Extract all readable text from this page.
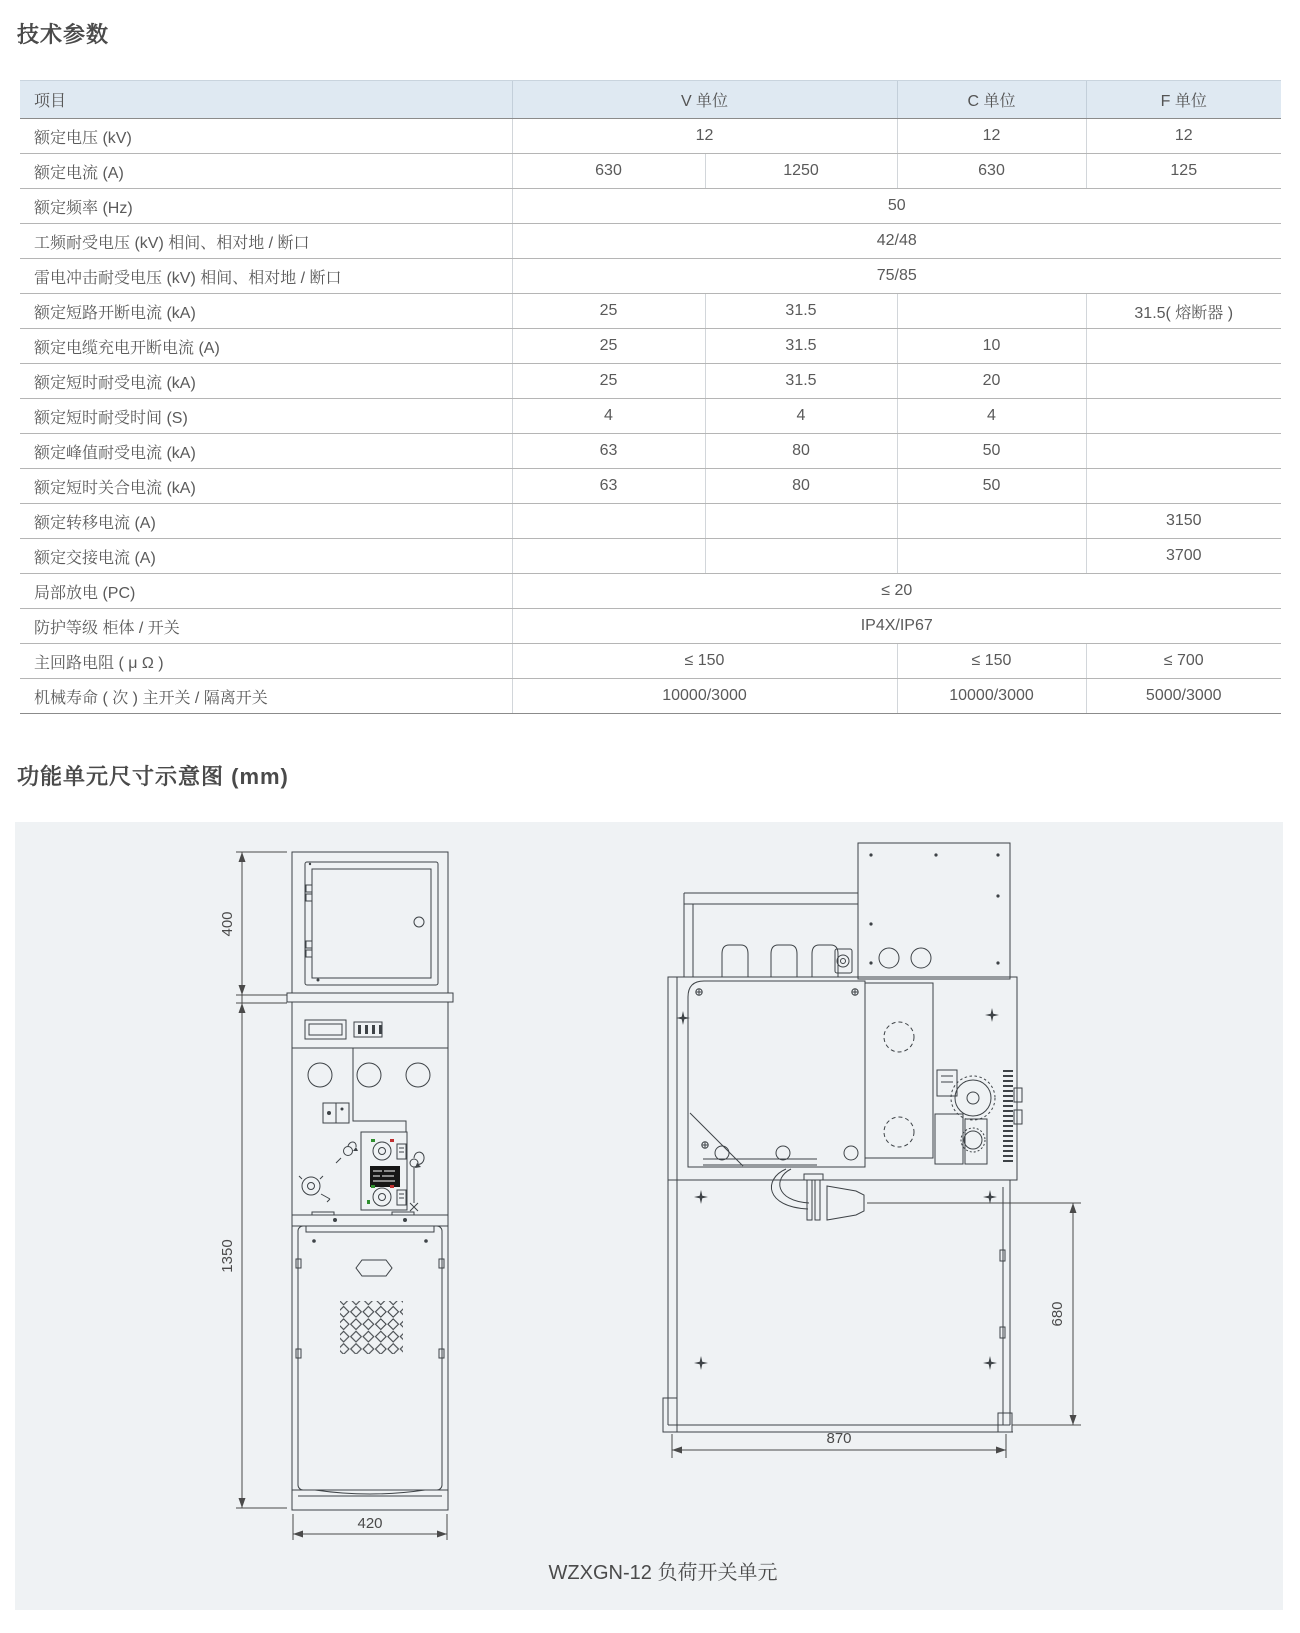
技术参数
项目	V 单位		C 单位	F 单位
额定电压 (kV)	12		12	12
额定电流 (A)	630	1250	630	125
额定频率 (Hz)	50			
工频耐受电压 (kV) 相间、相对地 / 断口	42/48			
雷电冲击耐受电压 (kV) 相间、相对地 / 断口	75/85			
额定短路开断电流 (kA)	25	31.5		31.5( 熔断器 )
额定电缆充电开断电流 (A)	25	31.5	10	
额定短时耐受电流 (kA)	25	31.5	20	
额定短时耐受时间 (S)	4	4	4	
额定峰值耐受电流 (kA)	63	80	50	
额定短时关合电流 (kA)	63	80	50	
额定转移电流 (A)				3150
额定交接电流 (A)				3700
局部放电 (PC)	≤ 20			
防护等级 柜体 / 开关	IP4X/IP67			
主回路电阻 ( μ Ω )	≤ 150		≤ 150	≤ 700
机械寿命 ( 次 ) 主开关 / 隔离开关	10000/3000		10000/3000	5000/3000
功能单元尺寸示意图 (mm)
400
1350
420
680
870
WZXGN-12 负荷开关单元
